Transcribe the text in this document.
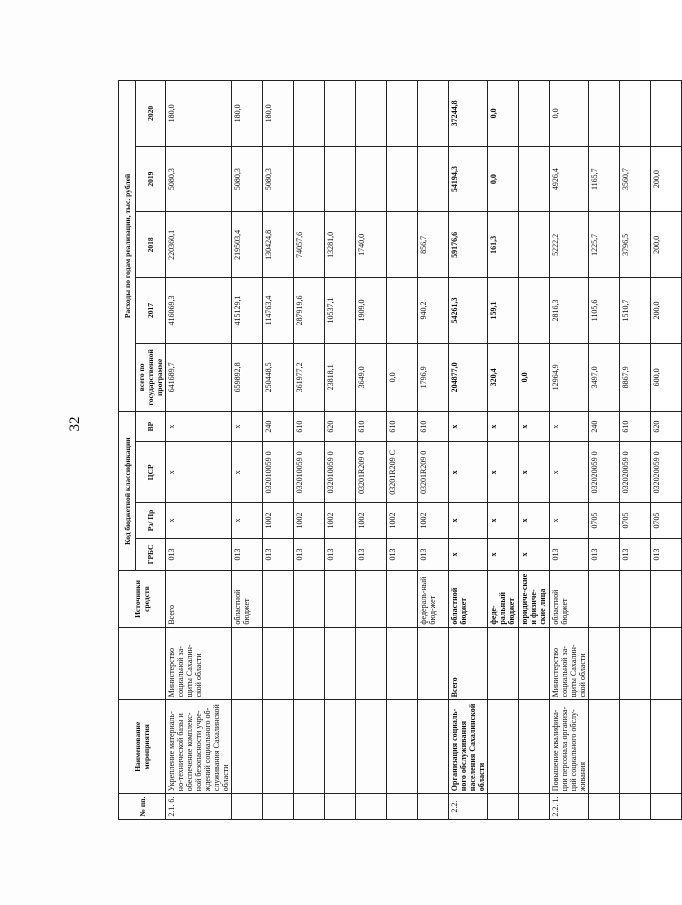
32
№ пп.	Наименование мероприятия		Источники средств	Код бюджетной классификации				Расходы по годам реализации, тыс. рублей				
				ГРБС	Рз/ Пр	ЦСР	ВР	всего по государственной программе	2017	2018	2019	2020
2.1. 6.	Укрепление материаль-но-технической базы и обеспечение комплекс-ной безопасности учре-ждений социального об-служивания Сахалинской области	Министерство социальной за-щиты Сахалин-ской области	Всего	013	х	х	х	641689,7	416069,3	220360,1	5080,3	180,0
			областной бюджет	013	х	х	х	659892,8	415129,1	219503,4	5080,3	180,0
				013	1002	032010059 0	240	250448,5	114763,4	130424,8	5080,3	180,0
				013	1002	032010059 0	610	361977,2	287919,6	74057,6		
				013	1002	032010059 0	620	23818,1	10537,1	13281,0		
				013	1002	03201R209 0	610	3649,0	1909,0	1740,0		
				013	1002	03201R209 С	610	0,0				
			федераль-ный бюд-жет	013	1002	03201R209 0	610	1796,9	940,2	856,7		
2.2.	Организация социаль-ного обслуживания населения Сахалинской области	Всего	областной бюджет	х	х	х	х	204877,0	54261,3	59176,6	54194,3	37244,8
			феде-ральный бюджет	х	х	х	х	320,4	159,1	161,3	0,0	0,0
			юридиче-ские и физиче-ские лица	х	х	х	х	0,0				
2.2. 1.	Повышение квалифика-ции персонала организа-ций социального обслу-живания	Министерство социальной за-щиты Сахалин-ской области	областной бюджет	013	х	х	х	12964,9	2816,3	5222,2	4926,4	0,0
				013	0705	032020059 0	240	3497,0	1105,6	1225,7	1165,7	
				013	0705	032020059 0	610	8867,9	1510,7	3796,5	3560,7	
				013	0705	032020059 0	620	600,0	200,0	200,0	200,0	
